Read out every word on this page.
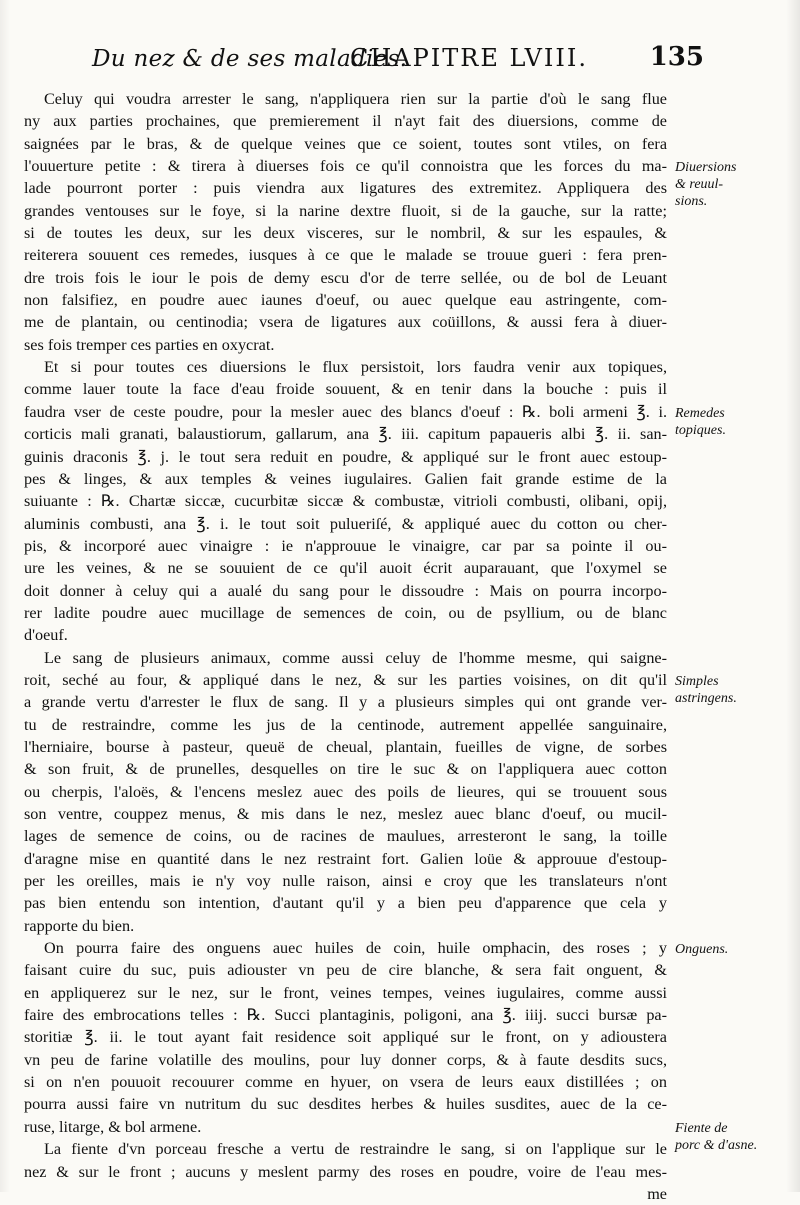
Du nez & de ses maladies.
CHAPITRE LVIII. 135
Celuy qui voudra arrester le sang, n'appliquera rien sur la partie d'où le sang flue
ny aux parties prochaines, que premierement il n'ayt fait des diuersions, comme de
saignées par le bras, & de quelque veines que ce soient, toutes sont vtiles, on fera
l'ouuerture petite : & tirera à diuerses fois ce qu'il connoistra que les forces du ma-
lade pourront porter : puis viendra aux ligatures des extremitez. Appliquera des
grandes ventouses sur le foye, si la narine dextre fluoit, si de la gauche, sur la ratte;
si de toutes les deux, sur les deux visceres, sur le nombril, & sur les espaules, &
reiterera souuent ces remedes, iusques à ce que le malade se trouue gueri : fera pren-
dre trois fois le iour le pois de demy escu d'or de terre sellée, ou de bol de Leuant
non falsifiez, en poudre auec iaunes d'oeuf, ou auec quelque eau astringente, com-
me de plantain, ou centinodia; vsera de ligatures aux coüillons, & aussi fera à diuer-
ses fois tremper ces parties en oxycrat.
Et si pour toutes ces diuersions le flux persistoit, lors faudra venir aux topiques,
comme lauer toute la face d'eau froide souuent, & en tenir dans la bouche : puis il
faudra vser de ceste poudre, pour la mesler auec des blancs d'oeuf : ℞. boli armeni ℥. i.
corticis mali granati, balaustiorum, gallarum, ana ℥. iii. capitum papaueris albi ℥. ii. san-
guinis draconis ℥. j. le tout sera reduit en poudre, & appliqué sur le front auec estoup-
pes & linges, & aux temples & veines iugulaires. Galien fait grande estime de la
suiuante : ℞. Chartæ siccæ, cucurbitæ siccæ & combustæ, vitrioli combusti, olibani, opij,
aluminis combusti, ana ℥. i. le tout soit pulueriſé, & appliqué auec du cotton ou cher-
pis, & incorporé auec vinaigre : ie n'approuue le vinaigre, car par sa pointe il ou-
ure les veines, & ne se souuient de ce qu'il auoit écrit auparauant, que l'oxymel se
doit donner à celuy qui a aualé du sang pour le dissoudre : Mais on pourra incorpo-
rer ladite poudre auec mucillage de semences de coin, ou de psyllium, ou de blanc
d'oeuf.
Le sang de plusieurs animaux, comme aussi celuy de l'homme mesme, qui saigne-
roit, seché au four, & appliqué dans le nez, & sur les parties voisines, on dit qu'il
a grande vertu d'arrester le flux de sang. Il y a plusieurs simples qui ont grande ver-
tu de restraindre, comme les jus de la centinode, autrement appellée sanguinaire,
l'herniaire, bourse à pasteur, queuë de cheual, plantain, fueilles de vigne, de sorbes
& son fruit, & de prunelles, desquelles on tire le suc & on l'appliquera auec cotton
ou cherpis, l'aloës, & l'encens meslez auec des poils de lieures, qui se trouuent sous
son ventre, couppez menus, & mis dans le nez, meslez auec blanc d'oeuf, ou mucil-
lages de semence de coins, ou de racines de maulues, arresteront le sang, la toille
d'aragne mise en quantité dans le nez restraint fort. Galien loüe & approuue d'estoup-
per les oreilles, mais ie n'y voy nulle raison, ainsi e croy que les translateurs n'ont
pas bien entendu son intention, d'autant qu'il y a bien peu d'apparence que cela y
rapporte du bien.
On pourra faire des onguens auec huiles de coin, huile omphacin, des roses ; y
faisant cuire du suc, puis adiouster vn peu de cire blanche, & sera fait onguent, &
en appliquerez sur le nez, sur le front, veines tempes, veines iugulaires, comme aussi
faire des embrocations telles : ℞. Succi plantaginis, poligoni, ana ℥. iiij. succi bursæ pa-
storitiæ ℥. ii. le tout ayant fait residence soit appliqué sur le front, on y adioustera
vn peu de farine volatille des moulins, pour luy donner corps, & à faute desdits sucs,
si on n'en pouuoit recouurer comme en hyuer, on vsera de leurs eaux distillées ; on
pourra aussi faire vn nutritum du suc desdites herbes & huiles susdites, auec de la ce-
ruse, litarge, & bol armene.
La fiente d'vn porceau fresche a vertu de restraindre le sang, si on l'applique sur le
nez & sur le front ; aucuns y meslent parmy des roses en poudre, voire de l'eau mes-
me
Diuersions
& reuul-
sions.
Remedes
topiques.
Simples
astringens.
Onguens.
Fiente de
porc & d'asne.
